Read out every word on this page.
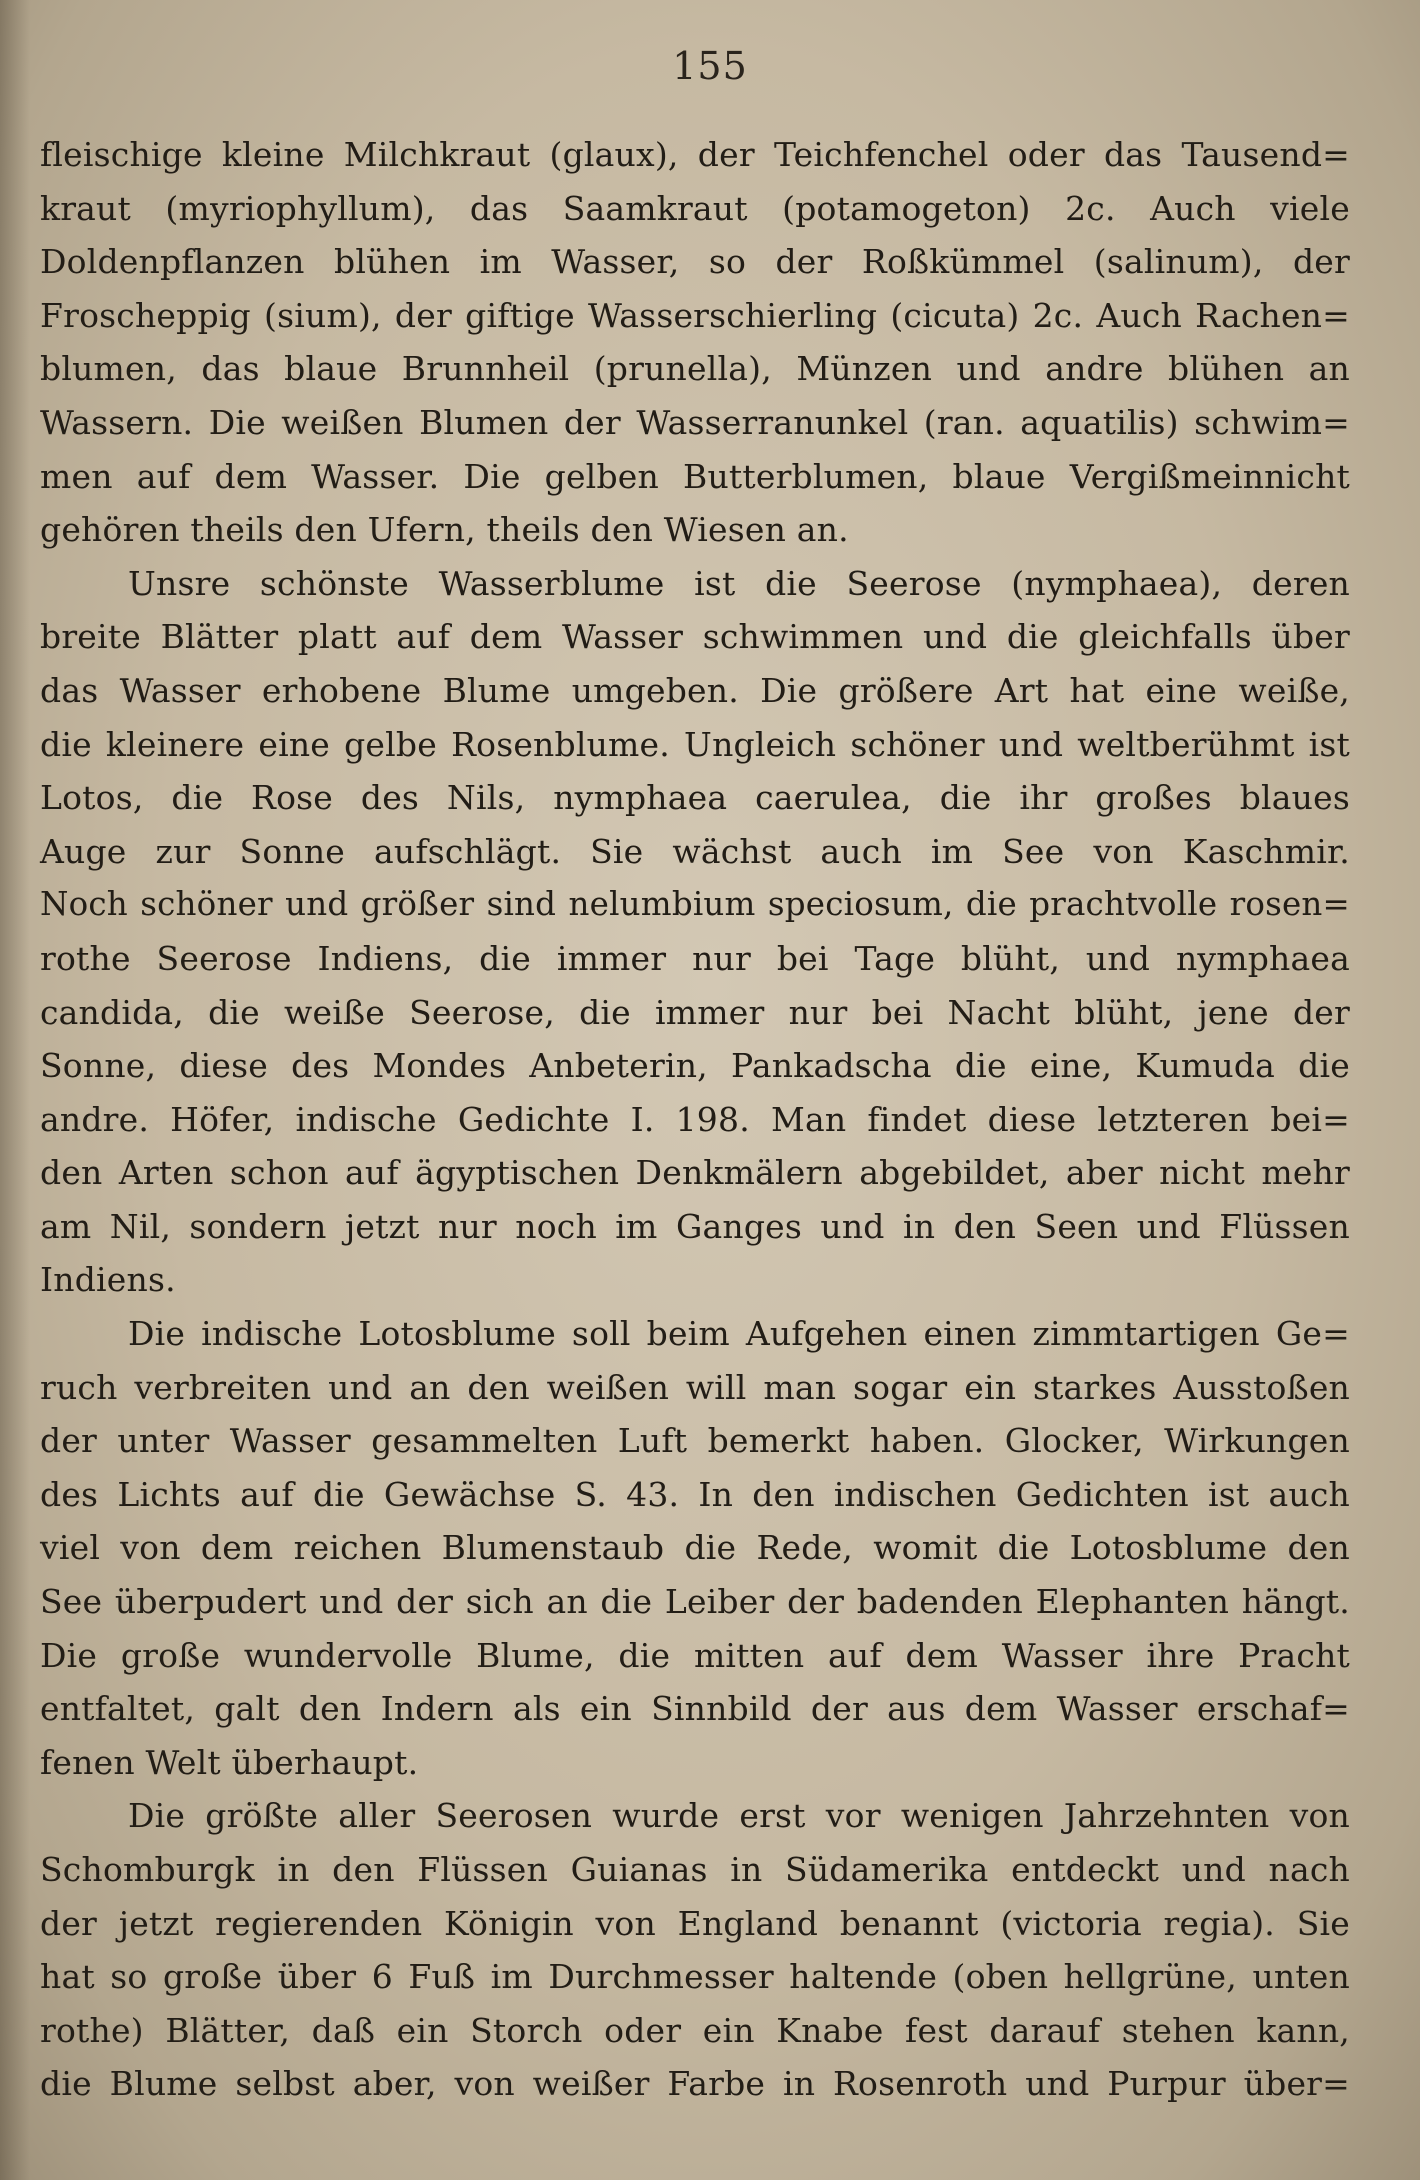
155
fleischige kleine Milchkraut (glaux), der Teichfenchel oder das Tausend=
kraut (myriophyllum), das Saamkraut (potamogeton) 2c. Auch viele
Doldenpflanzen blühen im Wasser, so der Roßkümmel (salinum), der
Froscheppig (sium), der giftige Wasserschierling (cicuta) 2c. Auch Rachen=
blumen, das blaue Brunnheil (prunella), Münzen und andre blühen an
Wassern. Die weißen Blumen der Wasserranunkel (ran. aquatilis) schwim=
men auf dem Wasser. Die gelben Butterblumen, blaue Vergißmeinnicht
gehören theils den Ufern, theils den Wiesen an.
Unsre schönste Wasserblume ist die Seerose (nymphaea), deren
breite Blätter platt auf dem Wasser schwimmen und die gleichfalls über
das Wasser erhobene Blume umgeben. Die größere Art hat eine weiße,
die kleinere eine gelbe Rosenblume. Ungleich schöner und weltberühmt ist
Lotos, die Rose des Nils, nymphaea caerulea, die ihr großes blaues
Auge zur Sonne aufschlägt. Sie wächst auch im See von Kaschmir.
Noch schöner und größer sind nelumbium speciosum, die prachtvolle rosen=
rothe Seerose Indiens, die immer nur bei Tage blüht, und nymphaea
candida, die weiße Seerose, die immer nur bei Nacht blüht, jene der
Sonne, diese des Mondes Anbeterin, Pankadscha die eine, Kumuda die
andre. Höfer, indische Gedichte I. 198. Man findet diese letzteren bei=
den Arten schon auf ägyptischen Denkmälern abgebildet, aber nicht mehr
am Nil, sondern jetzt nur noch im Ganges und in den Seen und Flüssen
Indiens.
Die indische Lotosblume soll beim Aufgehen einen zimmtartigen Ge=
ruch verbreiten und an den weißen will man sogar ein starkes Ausstoßen
der unter Wasser gesammelten Luft bemerkt haben. Glocker, Wirkungen
des Lichts auf die Gewächse S. 43. In den indischen Gedichten ist auch
viel von dem reichen Blumenstaub die Rede, womit die Lotosblume den
See überpudert und der sich an die Leiber der badenden Elephanten hängt.
Die große wundervolle Blume, die mitten auf dem Wasser ihre Pracht
entfaltet, galt den Indern als ein Sinnbild der aus dem Wasser erschaf=
fenen Welt überhaupt.
Die größte aller Seerosen wurde erst vor wenigen Jahrzehnten von
Schomburgk in den Flüssen Guianas in Südamerika entdeckt und nach
der jetzt regierenden Königin von England benannt (victoria regia). Sie
hat so große über 6 Fuß im Durchmesser haltende (oben hellgrüne, unten
rothe) Blätter, daß ein Storch oder ein Knabe fest darauf stehen kann,
die Blume selbst aber, von weißer Farbe in Rosenroth und Purpur über=
